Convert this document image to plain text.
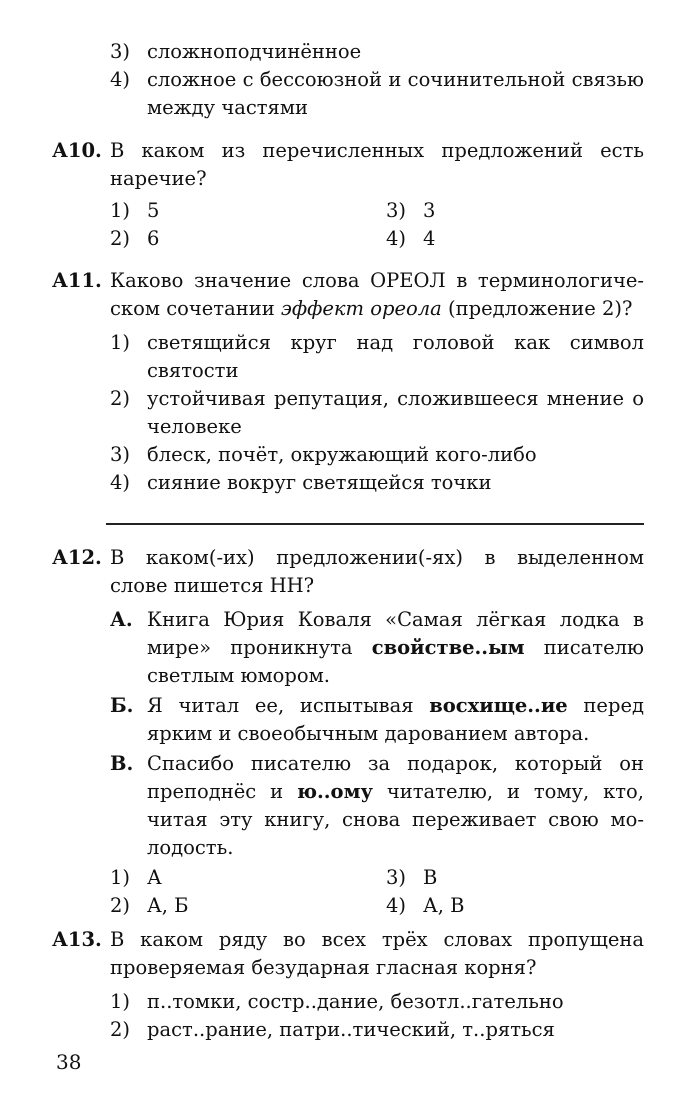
3) сложноподчинённое
4) сложное с бессоюзной и сочинительной связью между частями
А10. В каком из перечисленных предложений есть наречие?
1) 5	3) 3
2) 6	4) 4
А11. Каково значение слова ОРЕОЛ в терминологическом сочетании эффект ореола (предложение 2)?
1) светящийся круг над головой как символ святости
2) устойчивая репутация, сложившееся мнение о человеке
3) блеск, почёт, окружающий кого-либо
4) сияние вокруг светящейся точки
А12. В каком(-их) предложении(-ях) в выделенном слове пишется НН?
А. Книга Юрия Коваля «Самая лёгкая лодка в мире» проникнута свойстве..ым писателю светлым юмором.
Б. Я читал ее, испытывая восхище..ие перед ярким и своеобычным дарованием автора.
В. Спасибо писателю за подарок, который он преподнёс и ю..ому читателю, и тому, кто, читая эту книгу, снова переживает свою молодость.
1) А	3) В
2) А, Б	4) А, В
А13. В каком ряду во всех трёх словах пропущена проверяемая безударная гласная корня?
1) п..томки, состр..дание, безотл..гательно
2) раст..рание, патри..тический, т..ряться
38
